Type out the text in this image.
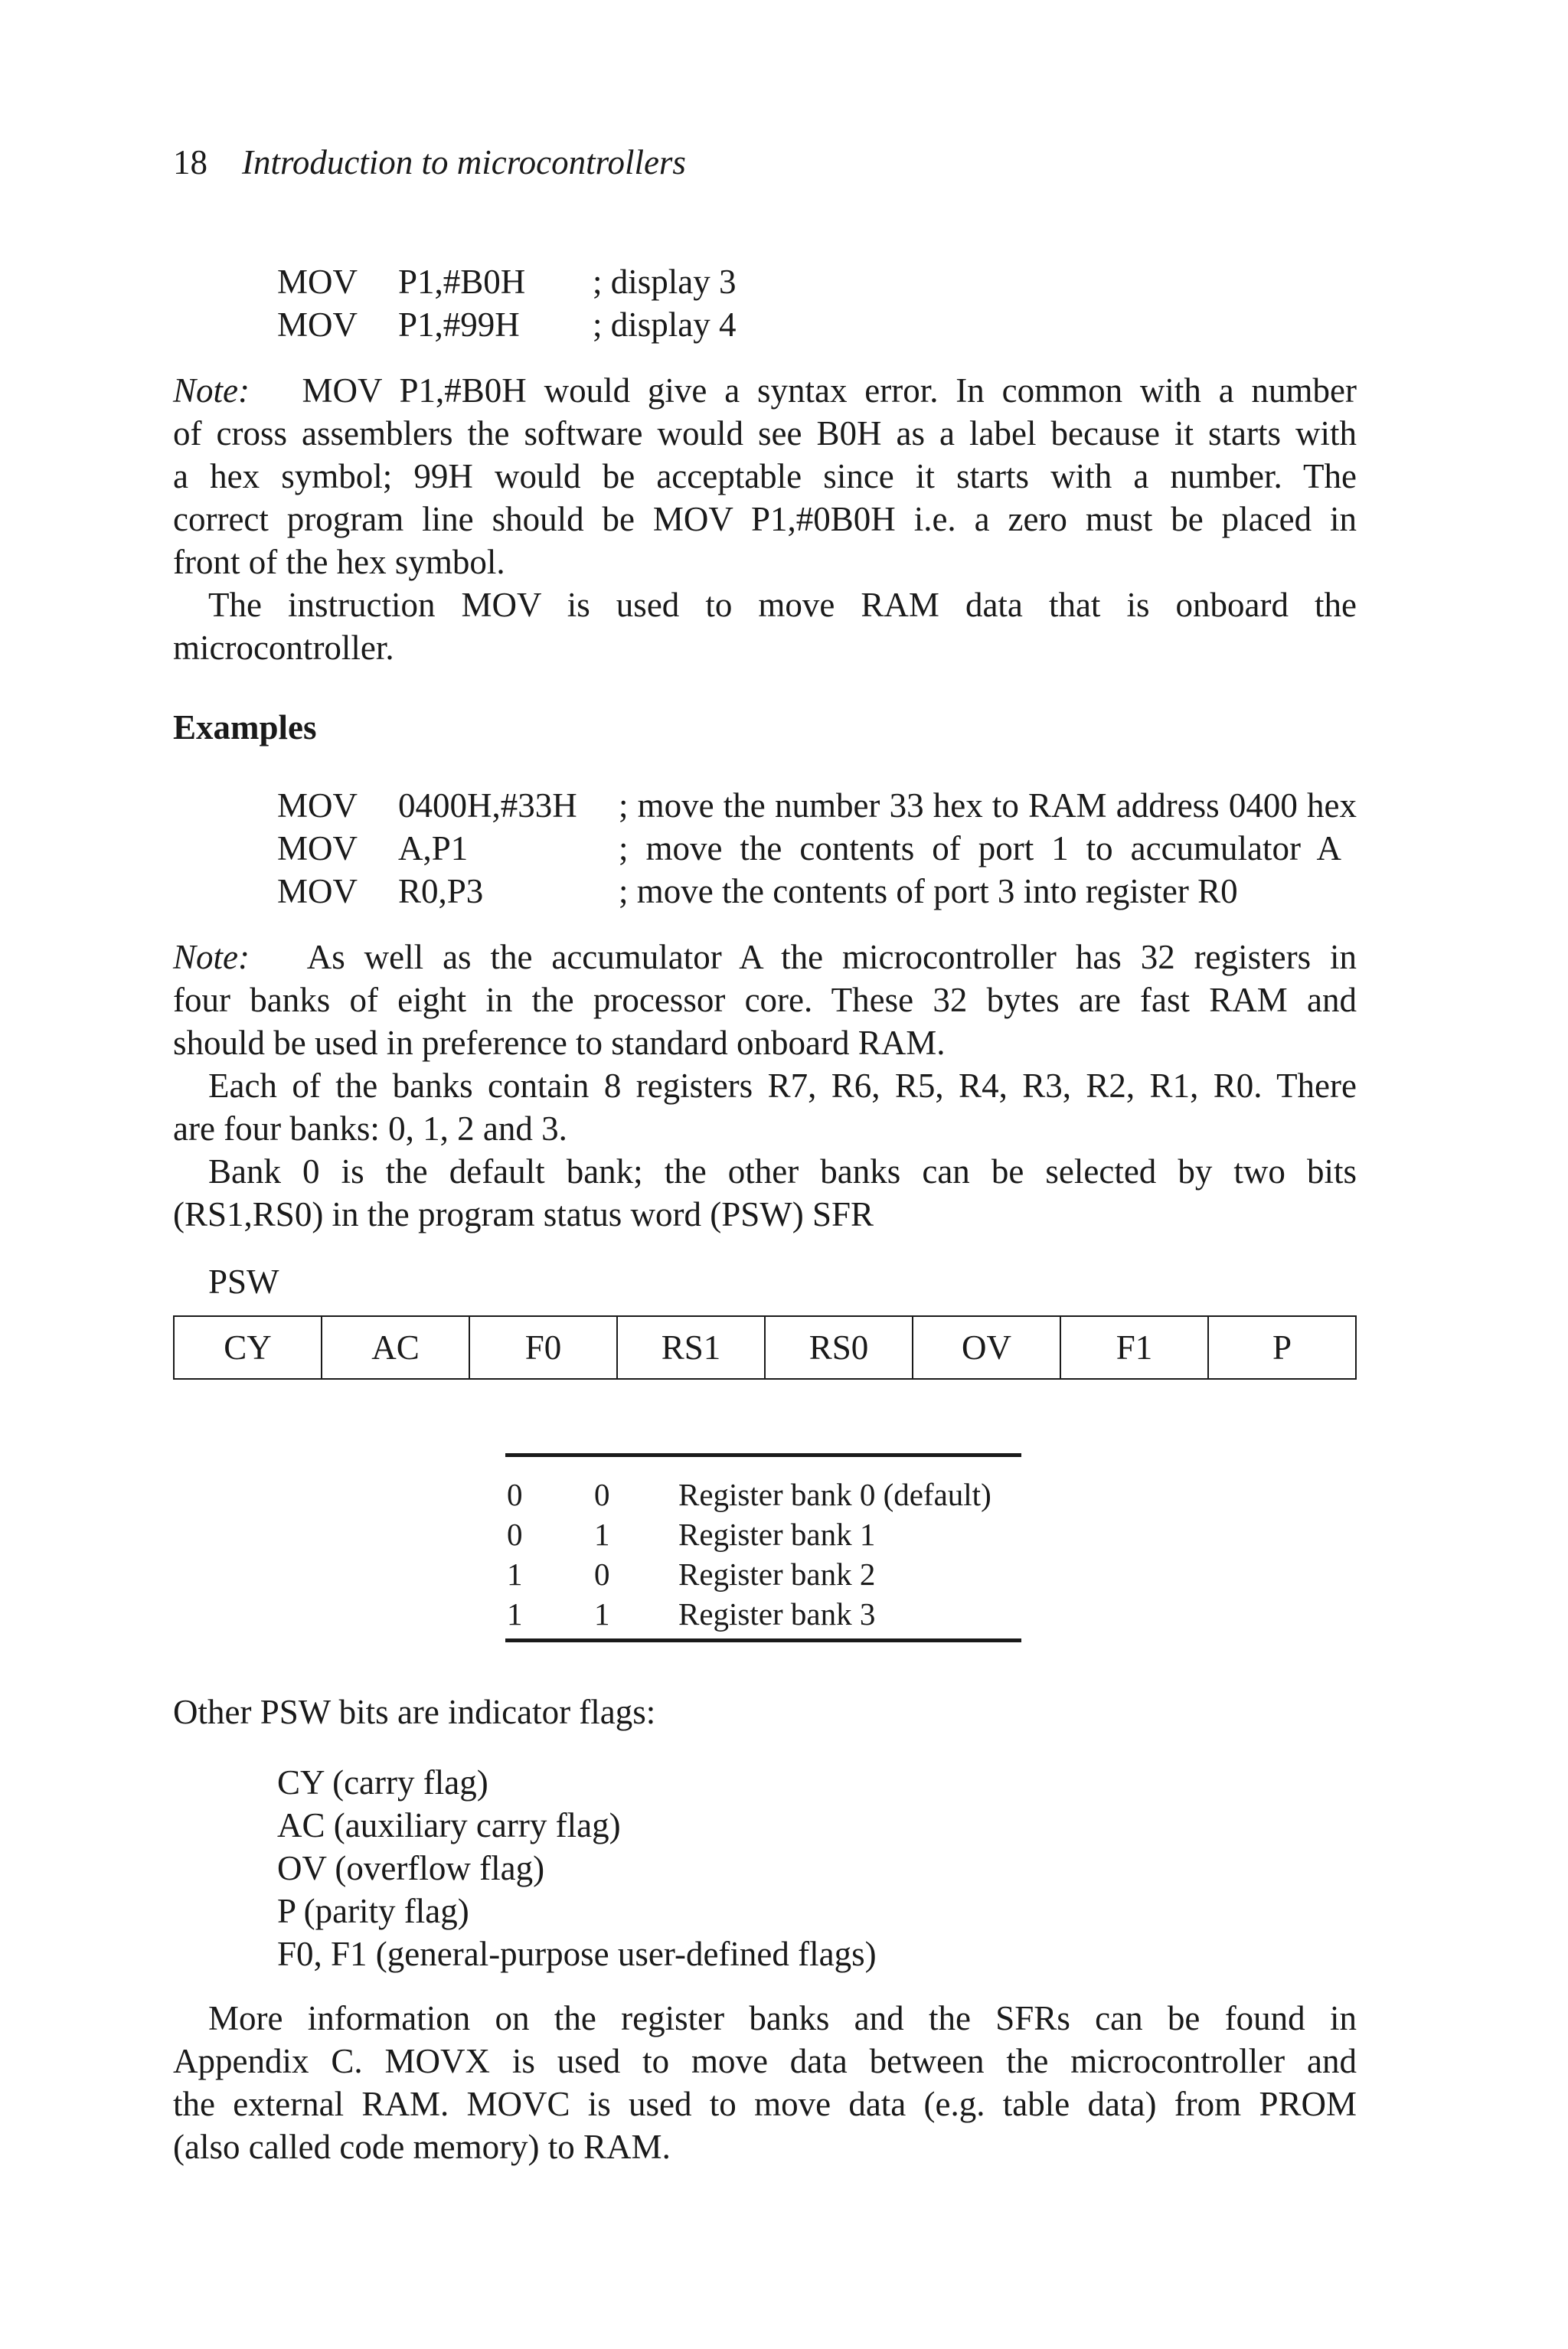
18 Introduction to microcontrollers
MOV P1,#B0H ; display 3
MOV P1,#99H ; display 4
Note: MOV P1,#B0H would give a syntax error. In common with a number
of cross assemblers the software would see B0H as a label because it starts with
a hex symbol; 99H would be acceptable since it starts with a number. The
correct program line should be MOV P1,#0B0H i.e. a zero must be placed in
front of the hex symbol.
The instruction MOV is used to move RAM data that is onboard the
microcontroller.
Examples
MOV 0400H,#33H ; move the number 33 hex to RAM address 0400 hex
MOV A,P1	; move the contents of port 1 to accumulator A
MOV R0,P3	; move the contents of port 3 into register R0
Note: As well as the accumulator A the microcontroller has 32 registers in
four banks of eight in the processor core. These 32 bytes are fast RAM and
should be used in preference to standard onboard RAM.
Each of the banks contain 8 registers R7, R6, R5, R4, R3, R2, R1, R0. There
are four banks: 0, 1, 2 and 3.
Bank 0 is the default bank; the other banks can be selected by two bits
(RS1,RS0) in the program status word (PSW) SFR
PSW
CY	AC	F0	RS1	RS0	OV	F1	P
0 0 Register bank 0 (default)
0 1 Register bank 1
1 0 Register bank 2
1 1 Register bank 3
Other PSW bits are indicator flags:
CY (carry flag)
AC (auxiliary carry flag)
OV (overflow flag)
P (parity flag)
F0, F1 (general-purpose user-defined flags)
More information on the register banks and the SFRs can be found in
Appendix C. MOVX is used to move data between the microcontroller and
the external RAM. MOVC is used to move data (e.g. table data) from PROM
(also called code memory) to RAM.
